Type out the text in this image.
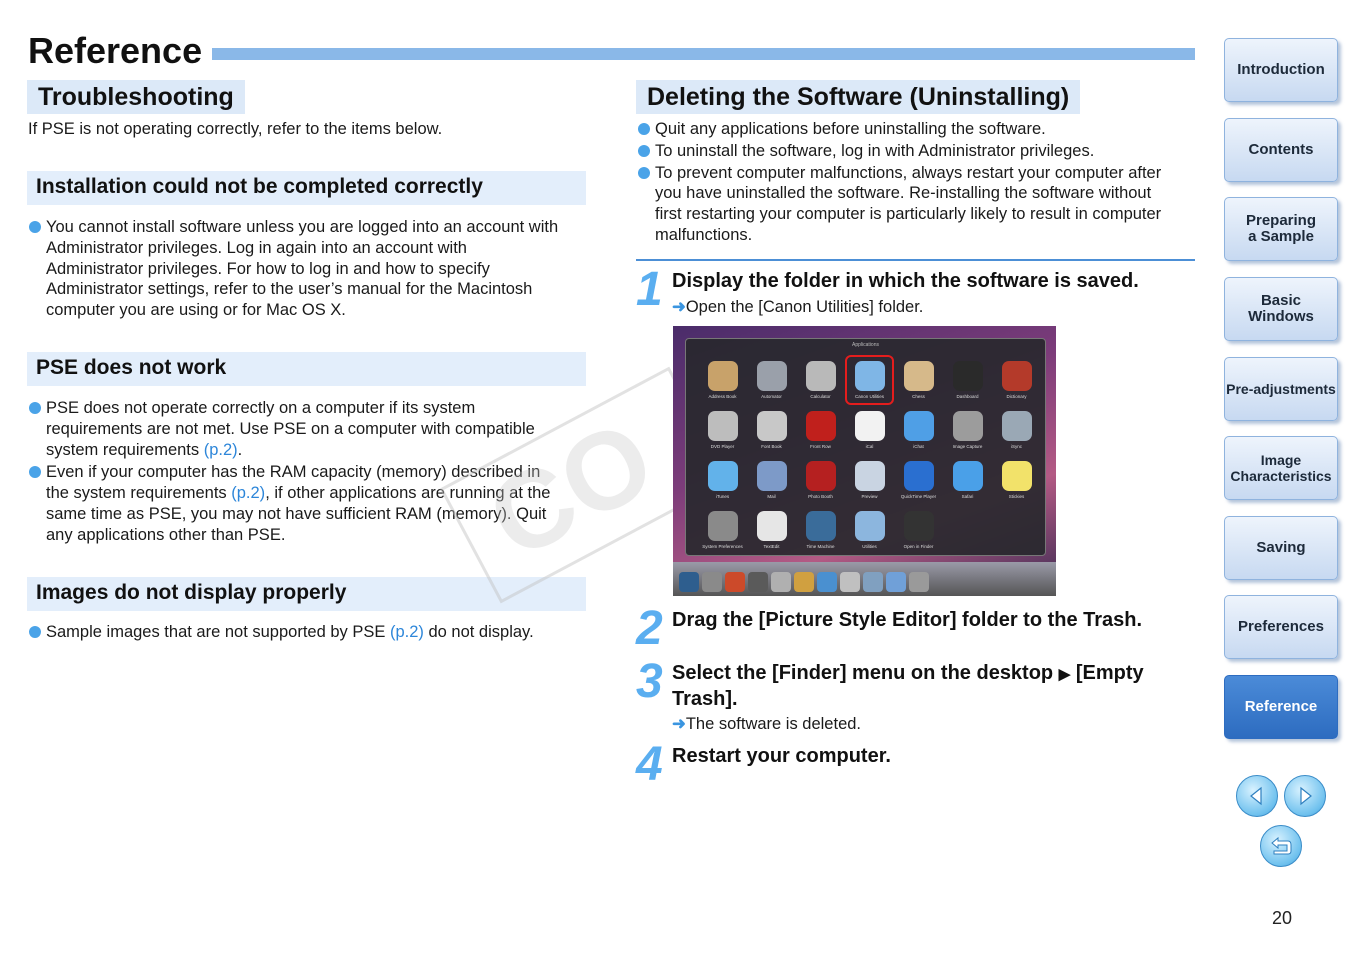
Reference
Troubleshooting
If PSE is not operating correctly, refer to the items below.
Installation could not be completed correctly
You cannot install software unless you are logged into an account with
Administrator privileges. Log in again into an account with
Administrator privileges. For how to log in and how to specify
Administrator settings, refer to the user’s manual for the Macintosh
computer you are using or for Mac OS X.
PSE does not work
PSE does not operate correctly on a computer if its system
requirements are not met. Use PSE on a computer with compatible
system requirements (p.2).
Even if your computer has the RAM capacity (memory) described in
the system requirements (p.2), if other applications are running at the
same time as PSE, you may not have sufficient RAM (memory). Quit
any applications other than PSE.
Images do not display properly
Sample images that are not supported by PSE (p.2) do not display.
CO
Deleting the Software (Uninstalling)
Quit any applications before uninstalling the software.
To uninstall the software, log in with Administrator privileges.
To prevent computer malfunctions, always restart your computer after
you have uninstalled the software. Re-installing the software without
first restarting your computer is particularly likely to result in computer
malfunctions.
1 Display the folder in which the software is saved.
➜Open the [Canon Utilities] folder.
Applications
Address Book	Automator	Calculator	Canon Utilities	Chess	Dashboard	Dictionary
DVD Player	Font Book	Front Row	iCal	iChat	Image Capture	iSync
iTunes	Mail	Photo Booth	Preview	QuickTime Player	Safari	Stickies
System Preferences	TextEdit	Time Machine	Utilities	Open in Finder
2 Drag the [Picture Style Editor] folder to the Trash.
3 Select the [Finder] menu on the desktop ▶ [Empty
Trash].
➜The software is deleted.
4 Restart your computer.
Introduction
Contents
Preparing
a Sample
Basic
Windows
Pre-adjustments
Image
Characteristics
Saving
Preferences
Reference
20
